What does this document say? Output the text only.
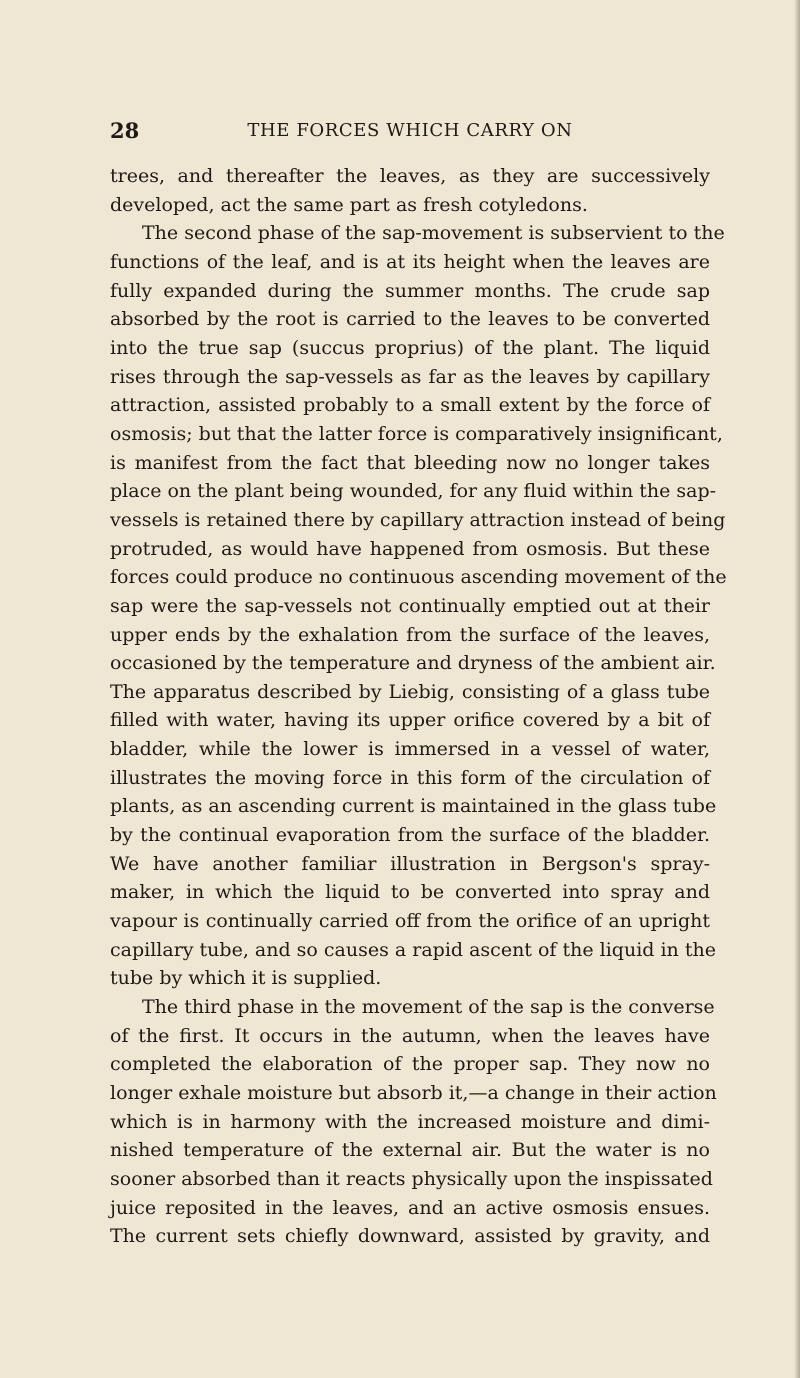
28	THE FORCES WHICH CARRY ON
trees, and thereafter the leaves, as they are successively
developed, act the same part as fresh cotyledons.
The second phase of the sap-movement is subservient to the
functions of the leaf, and is at its height when the leaves are
fully expanded during the summer months. The crude sap
absorbed by the root is carried to the leaves to be converted
into the true sap (succus proprius) of the plant. The liquid
rises through the sap-vessels as far as the leaves by capillary
attraction, assisted probably to a small extent by the force of
osmosis; but that the latter force is comparatively insignificant,
is manifest from the fact that bleeding now no longer takes
place on the plant being wounded, for any fluid within the sap-
vessels is retained there by capillary attraction instead of being
protruded, as would have happened from osmosis. But these
forces could produce no continuous ascending movement of the
sap were the sap-vessels not continually emptied out at their
upper ends by the exhalation from the surface of the leaves,
occasioned by the temperature and dryness of the ambient air.
The apparatus described by Liebig, consisting of a glass tube
filled with water, having its upper orifice covered by a bit of
bladder, while the lower is immersed in a vessel of water,
illustrates the moving force in this form of the circulation of
plants, as an ascending current is maintained in the glass tube
by the continual evaporation from the surface of the bladder.
We have another familiar illustration in Bergson's spray-
maker, in which the liquid to be converted into spray and
vapour is continually carried off from the orifice of an upright
capillary tube, and so causes a rapid ascent of the liquid in the
tube by which it is supplied.
The third phase in the movement of the sap is the converse
of the first. It occurs in the autumn, when the leaves have
completed the elaboration of the proper sap. They now no
longer exhale moisture but absorb it,—a change in their action
which is in harmony with the increased moisture and dimi-
nished temperature of the external air. But the water is no
sooner absorbed than it reacts physically upon the inspissated
juice reposited in the leaves, and an active osmosis ensues.
The current sets chiefly downward, assisted by gravity, and
